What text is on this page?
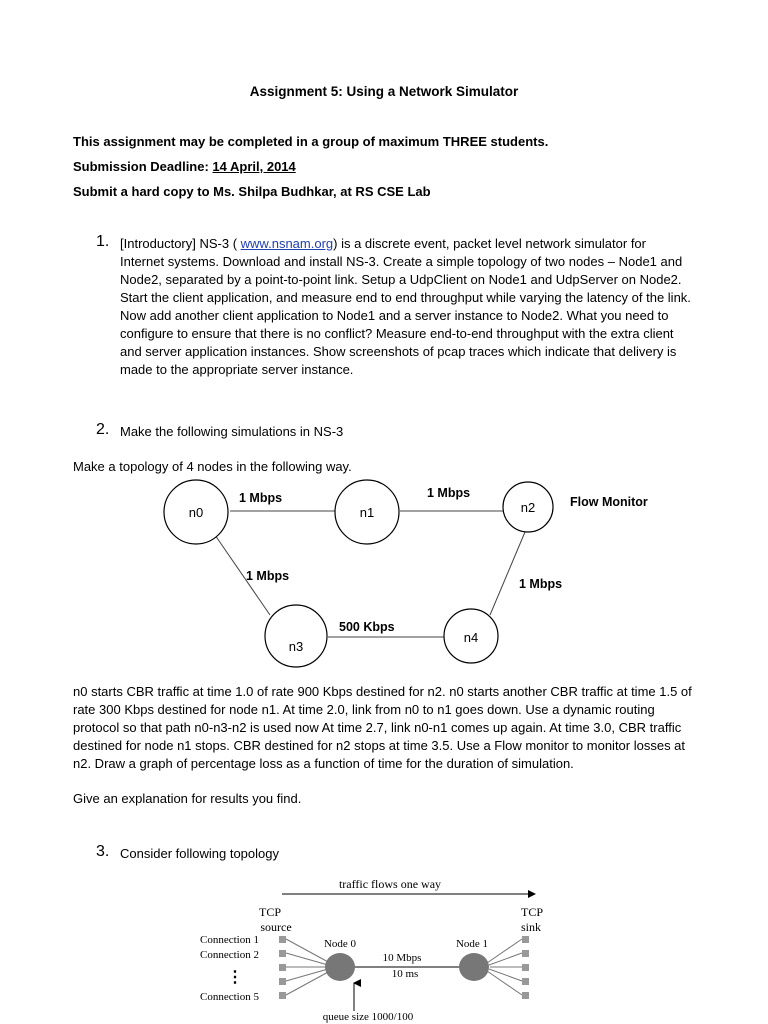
Assignment 5: Using a Network Simulator
This assignment may be completed in a group of maximum THREE students.
Submission Deadline: 14 April, 2014
Submit a hard copy to Ms. Shilpa Budhkar, at RS CSE Lab
1. [Introductory] NS-3 ( www.nsnam.org) is a discrete event, packet level network simulator for Internet systems. Download and install NS-3. Create a simple topology of two nodes – Node1 and Node2, separated by a point-to-point link. Setup a UdpClient on Node1 and UdpServer on Node2. Start the client application, and measure end to end throughput while varying the latency of the link. Now add another client application to Node1 and a server instance to Node2. What you need to configure to ensure that there is no conflict? Measure end-to-end throughput with the extra client and server application instances. Show screenshots of pcap traces which indicate that delivery is made to the appropriate server instance.
2. Make the following simulations in NS-3
Make a topology of 4 nodes in the following way.
n0	n1	n2
n3
n4
1 Mbps	1 Mbps
1 Mbps
500 Kbps
1 Mbps
Flow Monitor
n0 starts CBR traffic at time 1.0 of rate 900 Kbps destined for n2. n0 starts another CBR traffic at time 1.5 of rate 300 Kbps destined for node n1. At time 2.0, link from n0 to n1 goes down. Use a dynamic routing protocol so that path n0-n3-n2 is used now At time 2.7, link n0-n1 comes up again. At time 3.0, CBR traffic destined for node n1 stops. CBR destined for n2 stops at time 3.5. Use a Flow monitor to monitor losses at n2. Draw a graph of percentage loss as a function of time for the duration of simulation.
Give an explanation for results you find.
3. Consider following topology
traffic flows one way
TCP
source
TCP
sink
Connection 1
Connection 2
⋮
Connection 5
Node 0	Node 1
10 Mbps
10 ms
queue size 1000/100
